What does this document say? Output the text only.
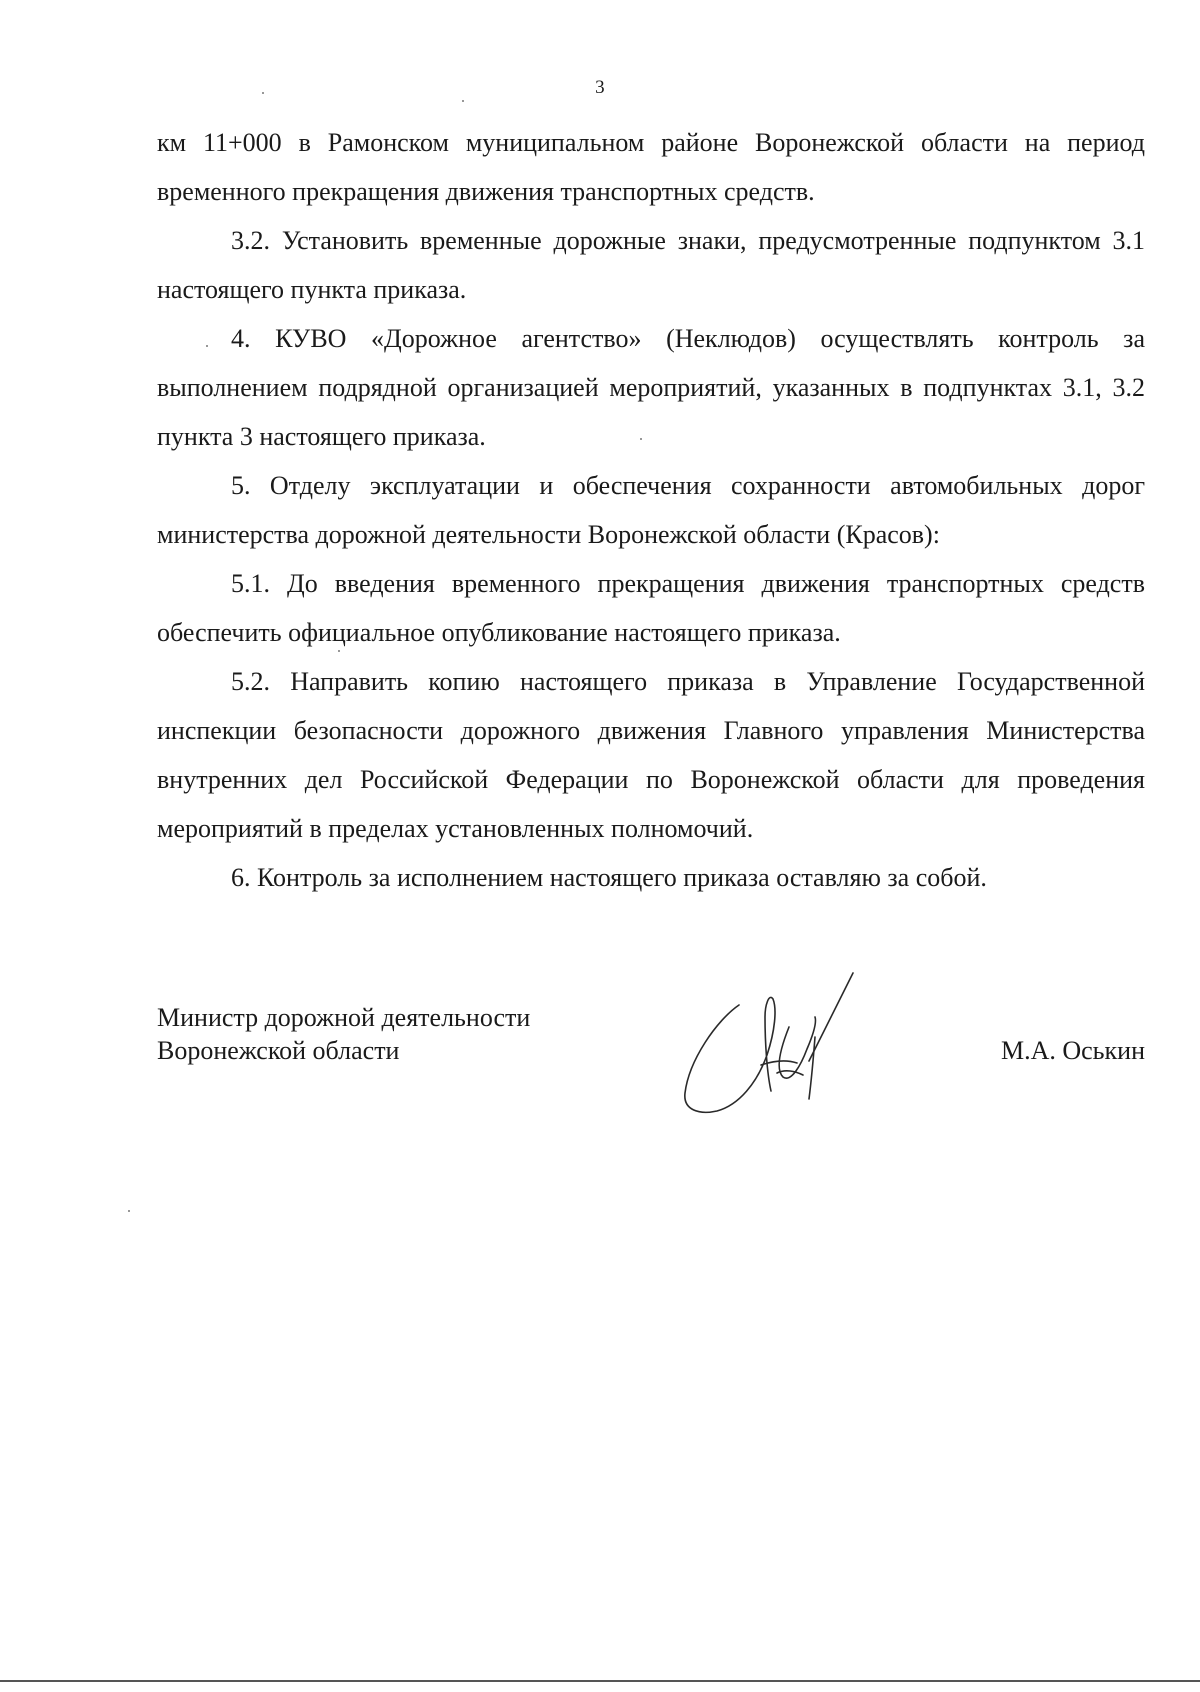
3

км 11+000 в Рамонском муниципальном районе Воронежской области на период временного прекращения движения транспортных средств.

3.2. Установить временные дорожные знаки, предусмотренные подпунктом 3.1 настоящего пункта приказа.

4. КУВО «Дорожное агентство» (Неклюдов) осуществлять контроль за выполнением подрядной организацией мероприятий, указанных в подпунктах 3.1, 3.2 пункта 3 настоящего приказа.

5. Отделу эксплуатации и обеспечения сохранности автомобильных дорог министерства дорожной деятельности Воронежской области (Красов):

5.1. До введения временного прекращения движения транспортных средств обеспечить официальное опубликование настоящего приказа.

5.2. Направить копию настоящего приказа в Управление Государственной инспекции безопасности дорожного движения Главного управления Министерства внутренних дел Российской Федерации по Воронежской области для проведения мероприятий в пределах установленных полномочий.

6. Контроль за исполнением настоящего приказа оставляю за собой.

Министр дорожной деятельности
Воронежской области	М.А. Оськин
